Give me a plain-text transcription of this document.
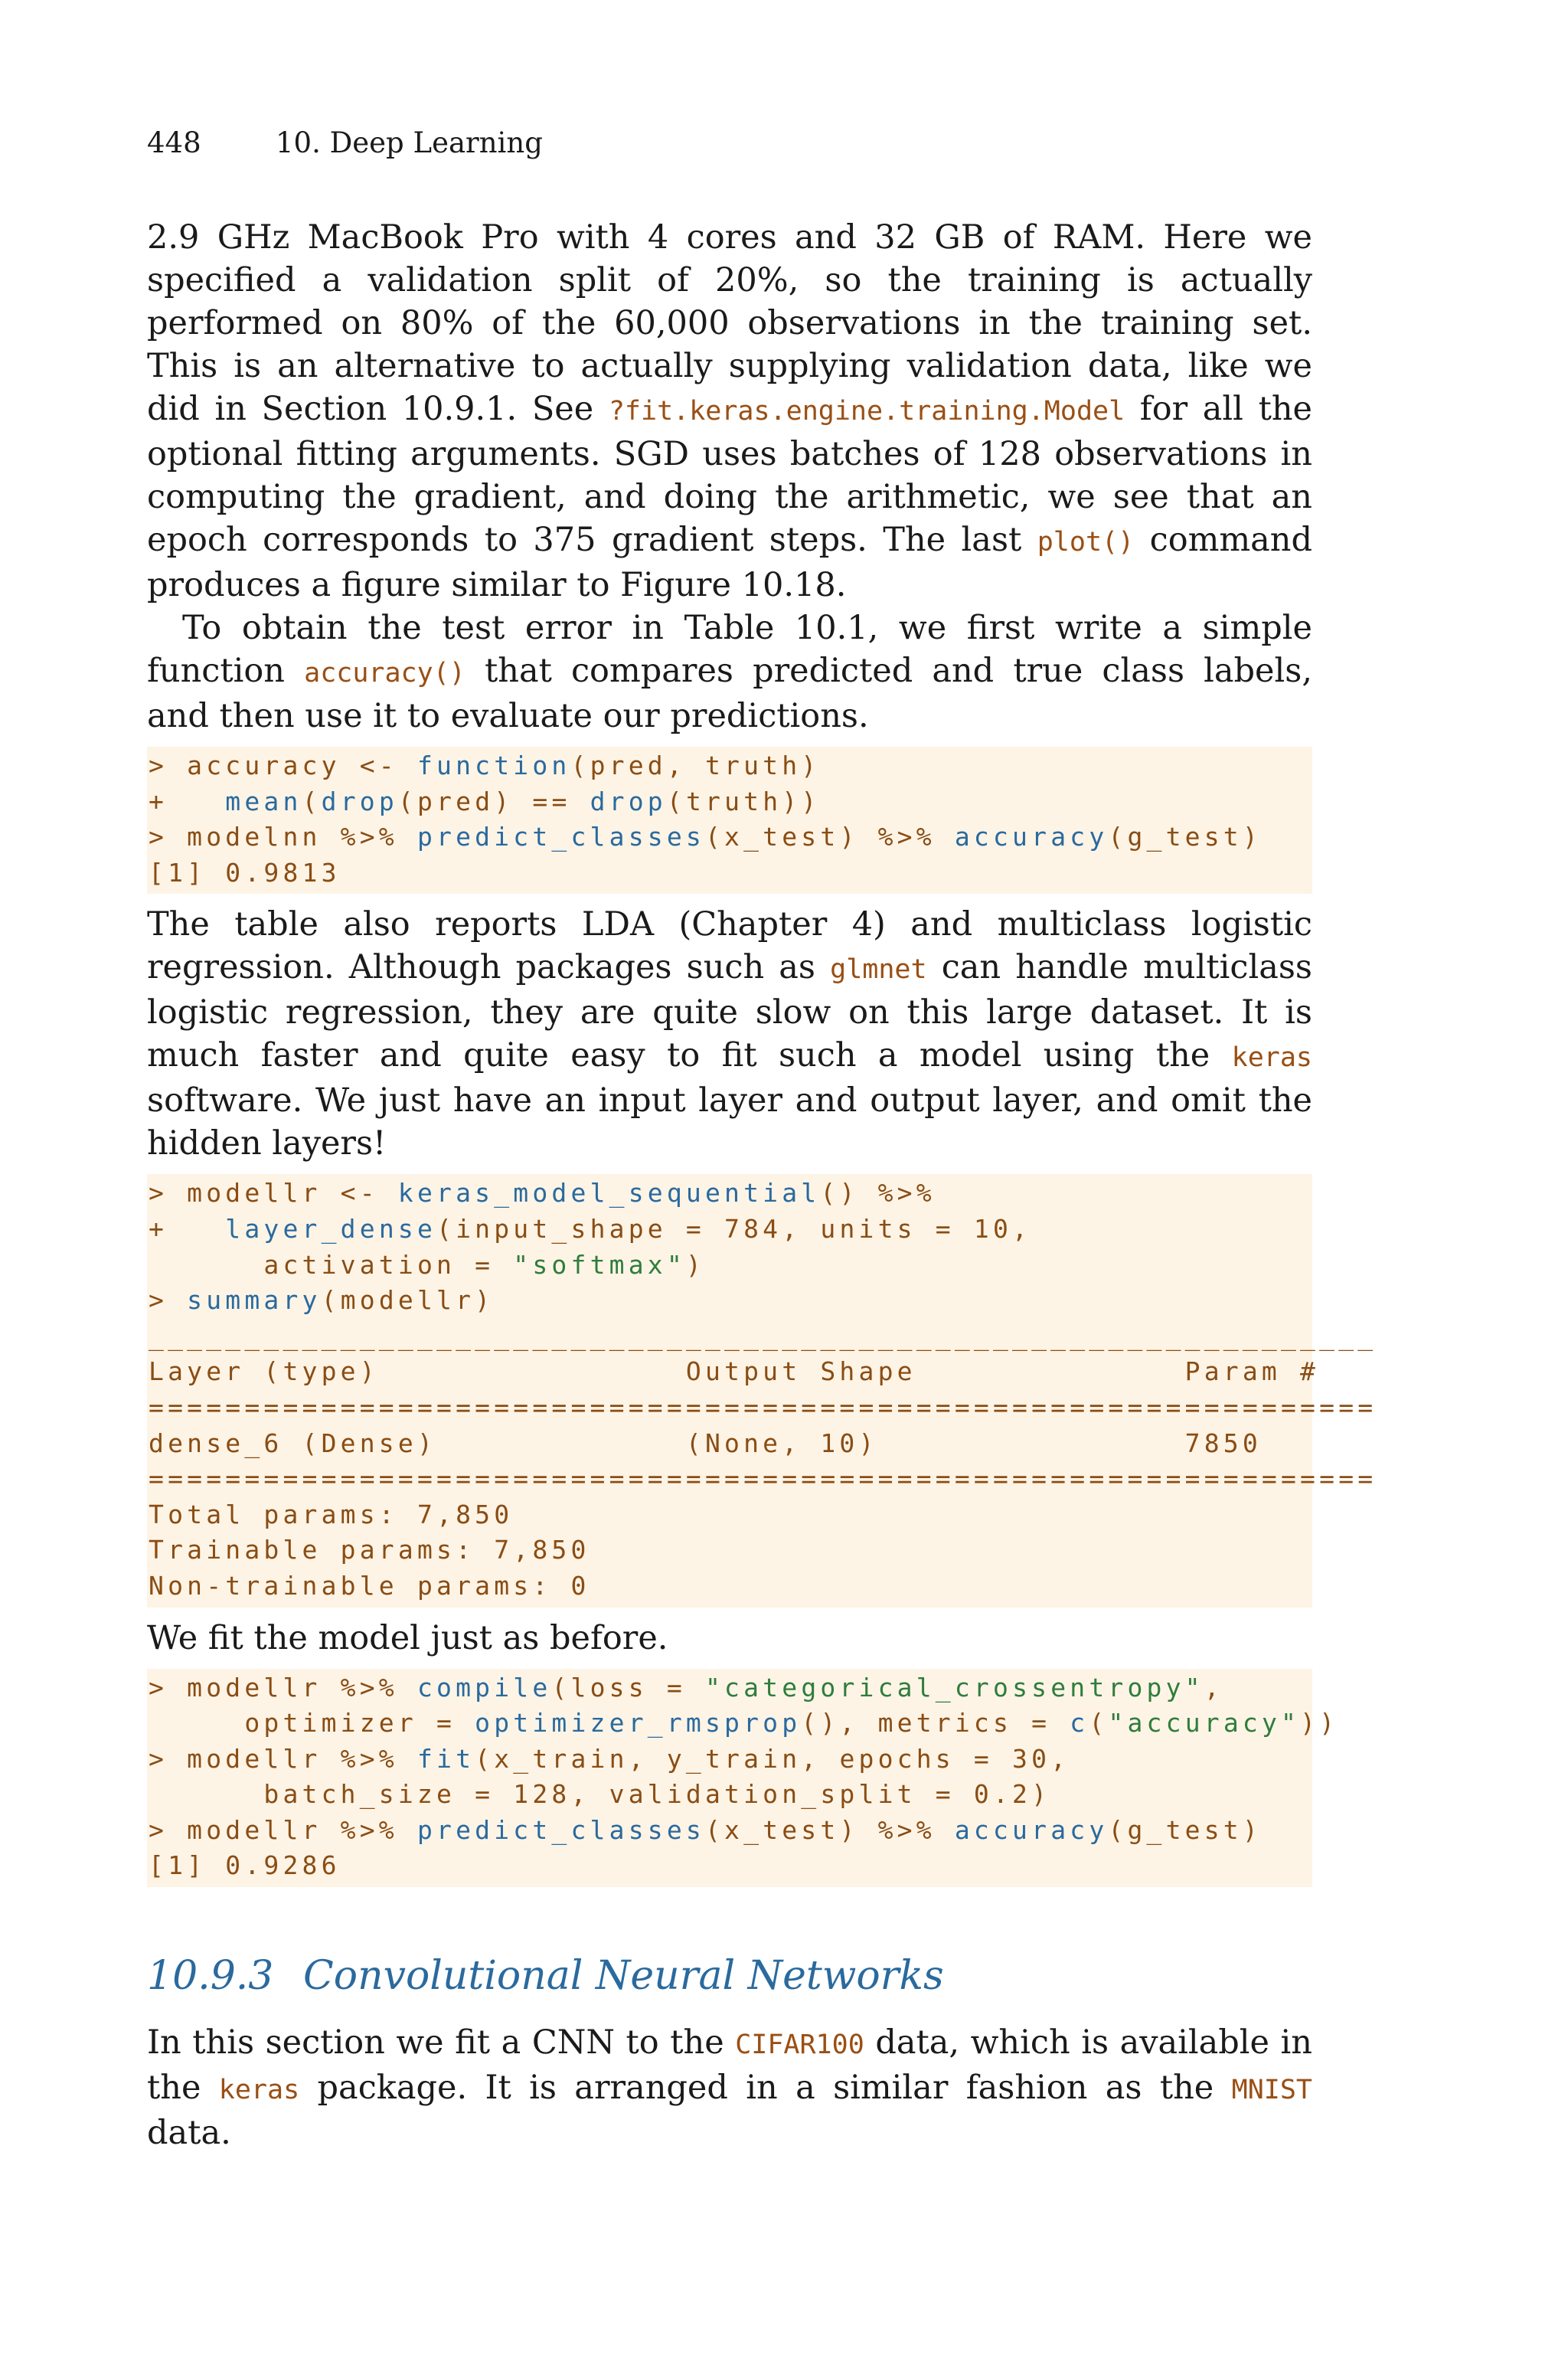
448	10. Deep Learning

2.9 GHz MacBook Pro with 4 cores and 32 GB of RAM. Here we specified a validation split of 20%, so the training is actually performed on 80% of the 60,000 observations in the training set. This is an alternative to actually supplying validation data, like we did in Section 10.9.1. See ?fit.keras.engine.training.Model for all the optional fitting arguments. SGD uses batches of 128 observations in computing the gradient, and doing the arithmetic, we see that an epoch corresponds to 375 gradient steps. The last plot() command produces a figure similar to Figure 10.18.

To obtain the test error in Table 10.1, we first write a simple function accuracy() that compares predicted and true class labels, and then use it to evaluate our predictions.

> accuracy <- function(pred, truth)
+   mean(drop(pred) == drop(truth))
> modelnn %>% predict_classes(x_test) %>% accuracy(g_test)
[1] 0.9813

The table also reports LDA (Chapter 4) and multiclass logistic regression. Although packages such as glmnet can handle multiclass logistic regression, they are quite slow on this large dataset. It is much faster and quite easy to fit such a model using the keras software. We just have an input layer and output layer, and omit the hidden layers!

> modellr <- keras_model_sequential() %>%
+   layer_dense(input_shape = 784, units = 10,
activation = "softmax")
> summary(modellr)
________________________________________________________________
Layer (type)                Output Shape              Param #
================================================================
dense_6 (Dense)             (None, 10)                7850
================================================================
Total params: 7,850
Trainable params: 7,850
Non-trainable params: 0

We fit the model just as before.

> modellr %>% compile(loss = "categorical_crossentropy",
optimizer = optimizer_rmsprop(), metrics = c("accuracy"))
> modellr %>% fit(x_train, y_train, epochs = 30,
batch_size = 128, validation_split = 0.2)
> modellr %>% predict_classes(x_test) %>% accuracy(g_test)
[1] 0.9286
10.9.3 Convolutional Neural Networks

In this section we fit a CNN to the CIFAR100 data, which is available in the keras package. It is arranged in a similar fashion as the MNIST data.
